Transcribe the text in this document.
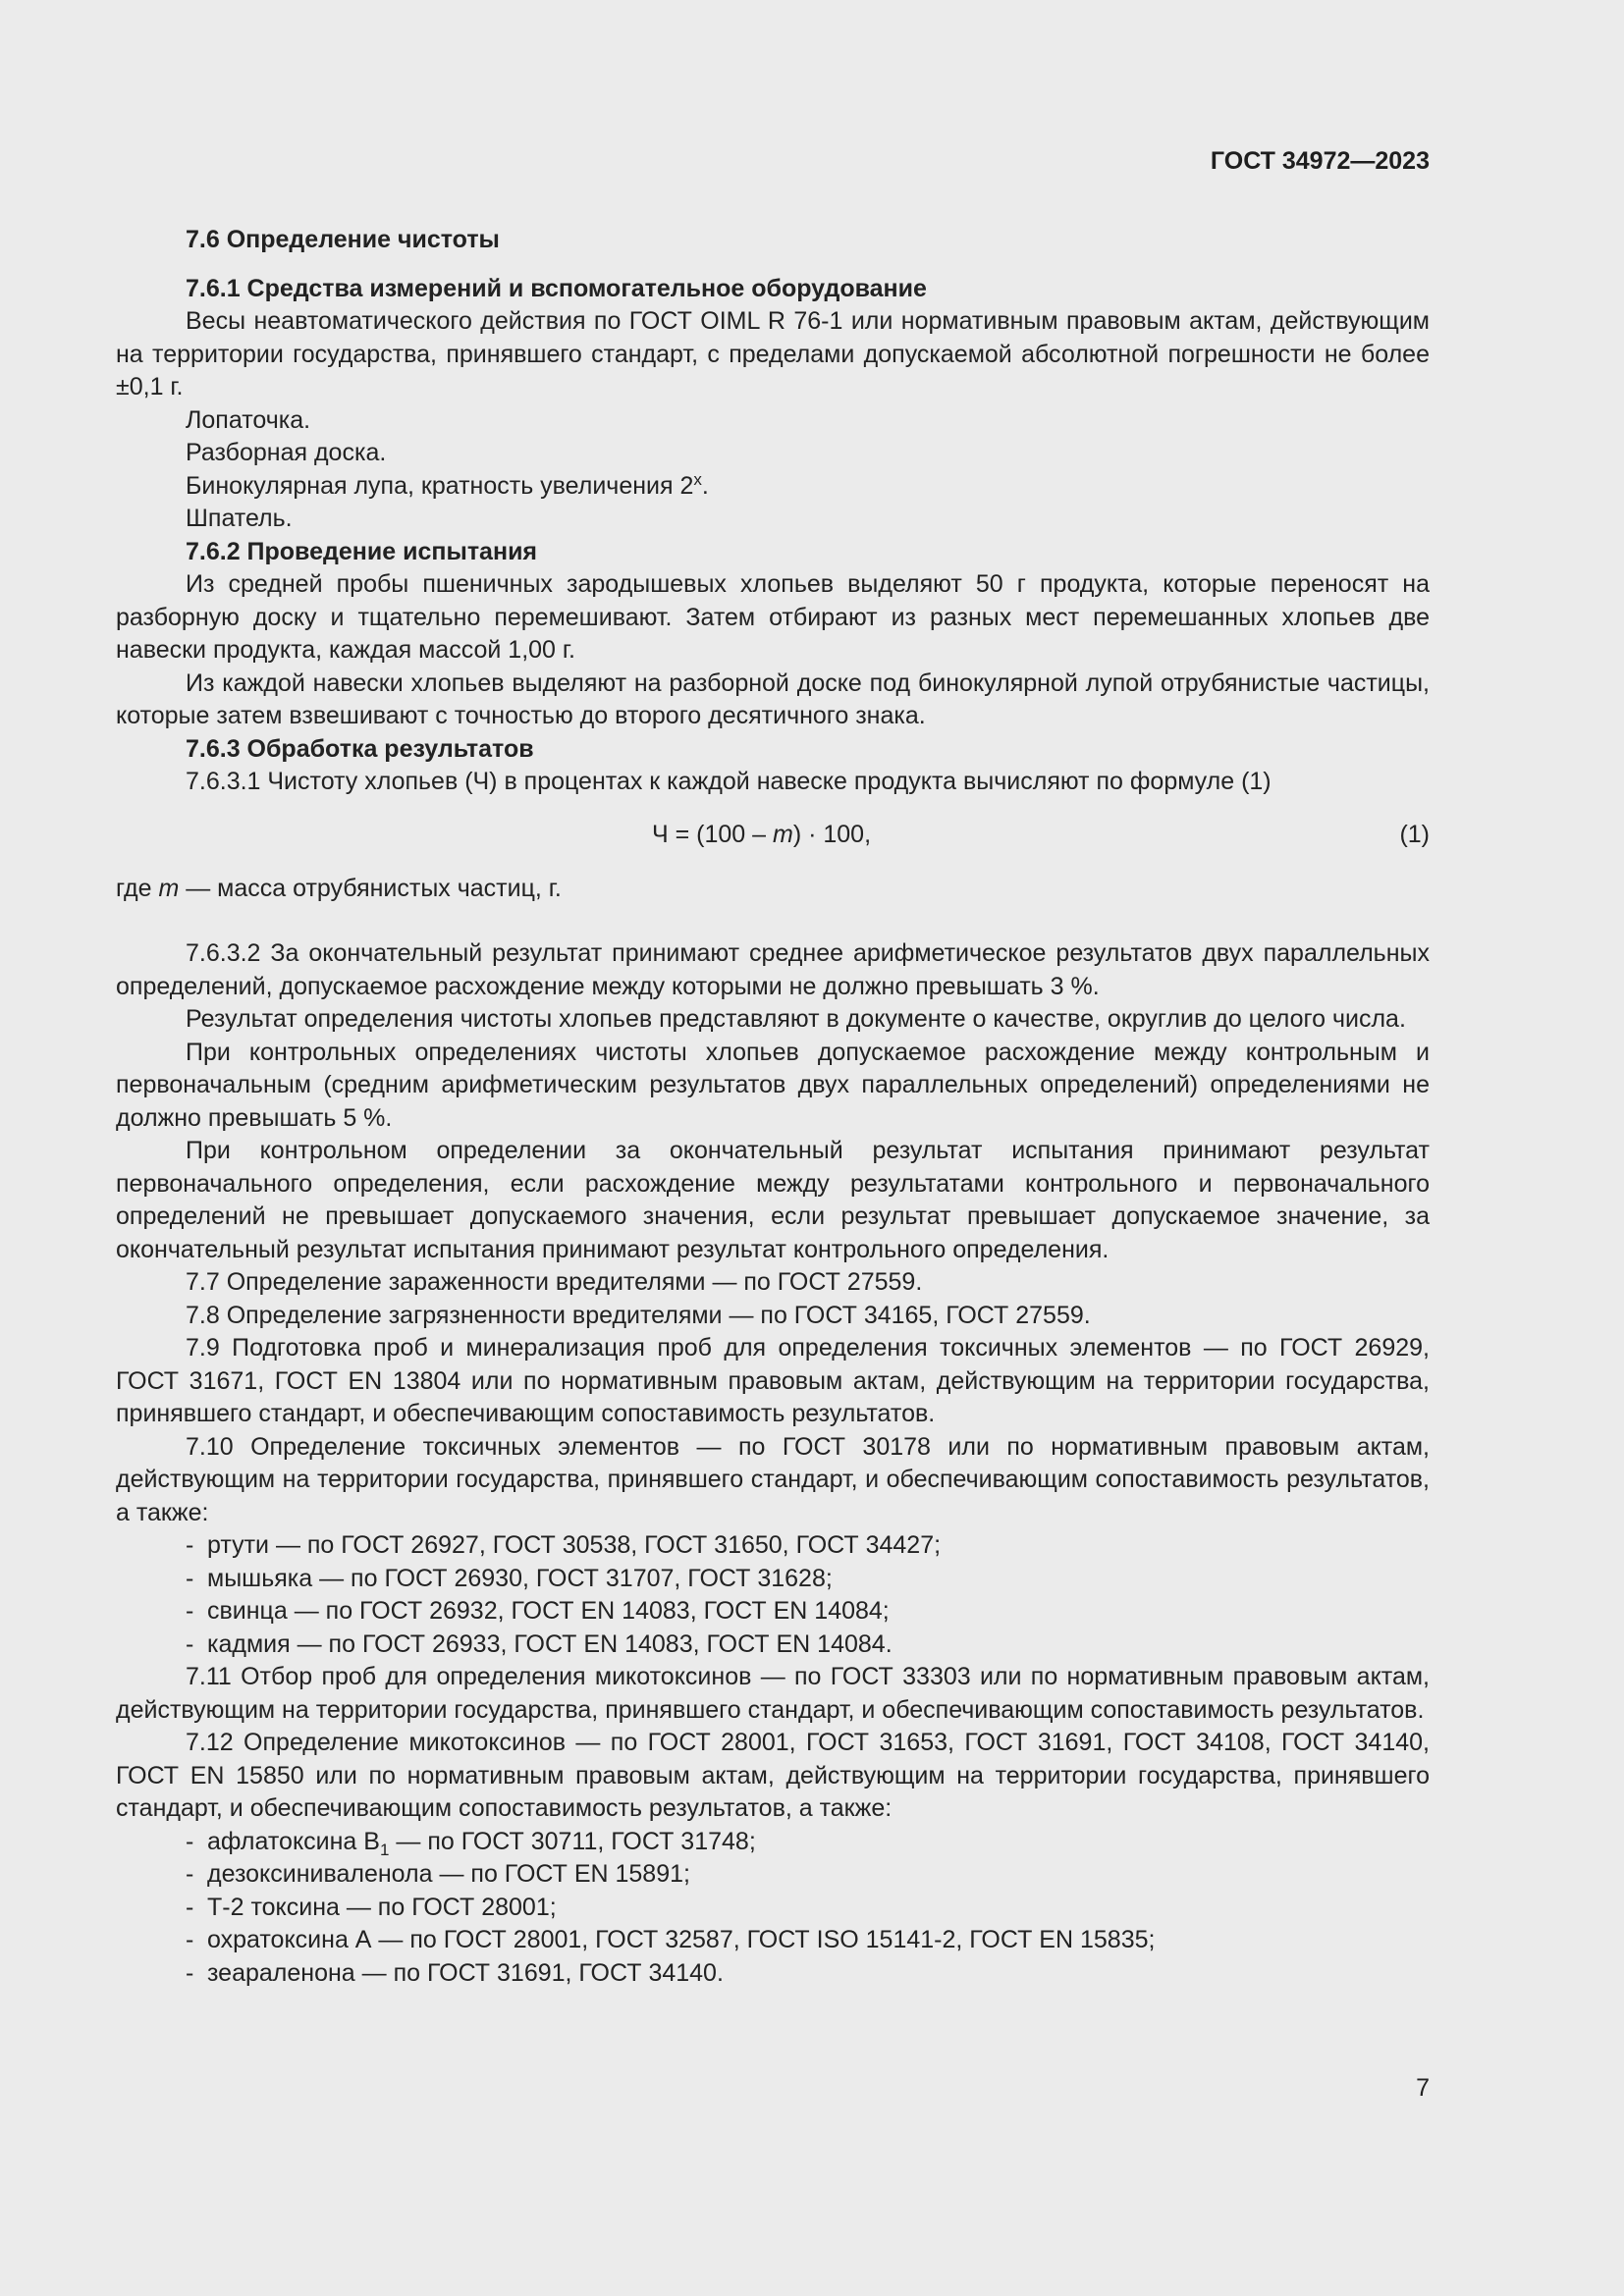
ГОСТ 34972—2023

7.6 Определение чистоты

7.6.1 Средства измерений и вспомогательное оборудование

Весы неавтоматического действия по ГОСТ OIML R 76-1 или нормативным правовым актам, действующим на территории государства, принявшего стандарт, с пределами допускаемой абсолютной погрешности не более ±0,1 г.

Лопаточка.

Разборная доска.

Бинокулярная лупа, кратность увеличения $2^х$.

Шпатель.

7.6.2 Проведение испытания

Из средней пробы пшеничных зародышевых хлопьев выделяют 50 г продукта, которые переносят на разборную доску и тщательно перемешивают. Затем отбирают из разных мест перемешанных хлопьев две навески продукта, каждая массой 1,00 г.

Из каждой навески хлопьев выделяют на разборной доске под бинокулярной лупой отрубянистые частицы, которые затем взвешивают с точностью до второго десятичного знака.

7.6.3 Обработка результатов

7.6.3.1 Чистоту хлопьев (Ч) в процентах к каждой навеске продукта вычисляют по формуле (1)

Ч = (100 – m) · 100,	(1)

где m — масса отрубянистых частиц, г.

7.6.3.2 За окончательный результат принимают среднее арифметическое результатов двух параллельных определений, допускаемое расхождение между которыми не должно превышать 3 %.

Результат определения чистоты хлопьев представляют в документе о качестве, округлив до целого числа.

При контрольных определениях чистоты хлопьев допускаемое расхождение между контрольным и первоначальным (средним арифметическим результатов двух параллельных определений) определениями не должно превышать 5 %.

При контрольном определении за окончательный результат испытания принимают результат первоначального определения, если расхождение между результатами контрольного и первоначального определений не превышает допускаемого значения, если результат превышает допускаемое значение, за окончательный результат испытания принимают результат контрольного определения.

7.7 Определение зараженности вредителями — по ГОСТ 27559.

7.8 Определение загрязненности вредителями — по ГОСТ 34165, ГОСТ 27559.

7.9 Подготовка проб и минерализация проб для определения токсичных элементов — по ГОСТ 26929, ГОСТ 31671, ГОСТ EN 13804 или по нормативным правовым актам, действующим на территории государства, принявшего стандарт, и обеспечивающим сопоставимость результатов.

7.10 Определение токсичных элементов — по ГОСТ 30178 или по нормативным правовым актам, действующим на территории государства, принявшего стандарт, и обеспечивающим сопоставимость результатов, а также:

- ртути — по ГОСТ 26927, ГОСТ 30538, ГОСТ 31650, ГОСТ 34427;

- мышьяка — по ГОСТ 26930, ГОСТ 31707, ГОСТ 31628;

- свинца — по ГОСТ 26932, ГОСТ EN 14083, ГОСТ EN 14084;

- кадмия — по ГОСТ 26933, ГОСТ EN 14083, ГОСТ EN 14084.

7.11 Отбор проб для определения микотоксинов — по ГОСТ 33303 или по нормативным правовым актам, действующим на территории государства, принявшего стандарт, и обеспечивающим сопоставимость результатов.

7.12 Определение микотоксинов — по ГОСТ 28001, ГОСТ 31653, ГОСТ 31691, ГОСТ 34108, ГОСТ 34140, ГОСТ EN 15850 или по нормативным правовым актам, действующим на территории государства, принявшего стандарт, и обеспечивающим сопоставимость результатов, а также:

- афлатоксина $В_1$ — по ГОСТ 30711, ГОСТ 31748;

- дезоксиниваленола — по ГОСТ EN 15891;

- Т-2 токсина — по ГОСТ 28001;

- охратоксина А — по ГОСТ 28001, ГОСТ 32587, ГОСТ ISO 15141-2, ГОСТ EN 15835;

- зеараленона — по ГОСТ 31691, ГОСТ 34140.

7
